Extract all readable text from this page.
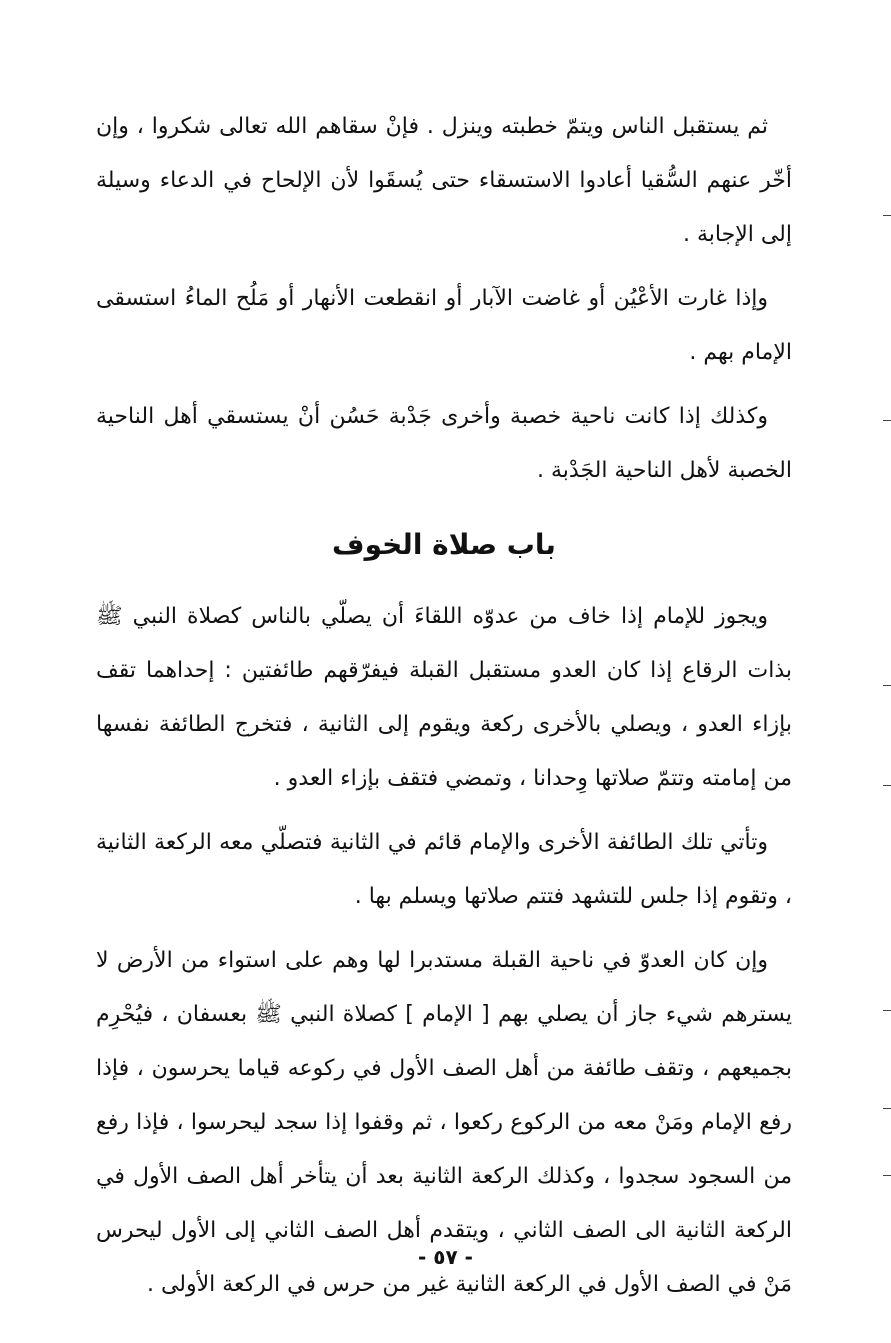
ثم يستقبل الناس ويتمّ خطبته وينزل . فإنْ سقاهم الله تعالى شكروا ، وإن أخّر عنهم السُّقيا أعادوا الاستسقاء حتى يُسقَوا لأن الإلحاح في الدعاء وسيلة إلى الإجابة .

وإذا غارت الأعْيُن أو غاضت الآبار أو انقطعت الأنهار أو مَلُح الماءُ استسقى الإمام بهم .

وكذلك إذا كانت ناحية خصبة وأخرى جَدْبة حَسُن أنْ يستسقي أهل الناحية الخصبة لأهل الناحية الجَدْبة .

باب صلاة الخوف

ويجوز للإمام إذا خاف من عدوّه اللقاءَ أن يصلّي بالناس كصلاة النبي ﷺ بذات الرقاع إذا كان العدو مستقبل القبلة فيفرّقهم طائفتين : إحداهما تقف بإزاء العدو ، ويصلي بالأخرى ركعة ويقوم إلى الثانية ، فتخرج الطائفة نفسها من إمامته وتتمّ صلاتها وِحدانا ، وتمضي فتقف بإزاء العدو .

وتأتي تلك الطائفة الأخرى والإمام قائم في الثانية فتصلّي معه الركعة الثانية ، وتقوم إذا جلس للتشهد فتتم صلاتها ويسلم بها .

وإن كان العدوّ في ناحية القبلة مستدبرا لها وهم على استواء من الأرض لا يسترهم شيء جاز أن يصلي بهم [ الإمام ] كصلاة النبي ﷺ بعسفان ، فيُحْرِم بجميعهم ، وتقف طائفة من أهل الصف الأول في ركوعه قياما يحرسون ، فإذا رفع الإمام ومَنْ معه من الركوع ركعوا ، ثم وقفوا إذا سجد ليحرسوا ، فإذا رفع من السجود سجدوا ، وكذلك الركعة الثانية بعد أن يتأخر أهل الصف الأول في الركعة الثانية الى الصف الثاني ، ويتقدم أهل الصف الثاني إلى الأول ليحرس مَنْ في الصف الأول في الركعة الثانية غير من حرس في الركعة الأولى .

- ٥٧ -
